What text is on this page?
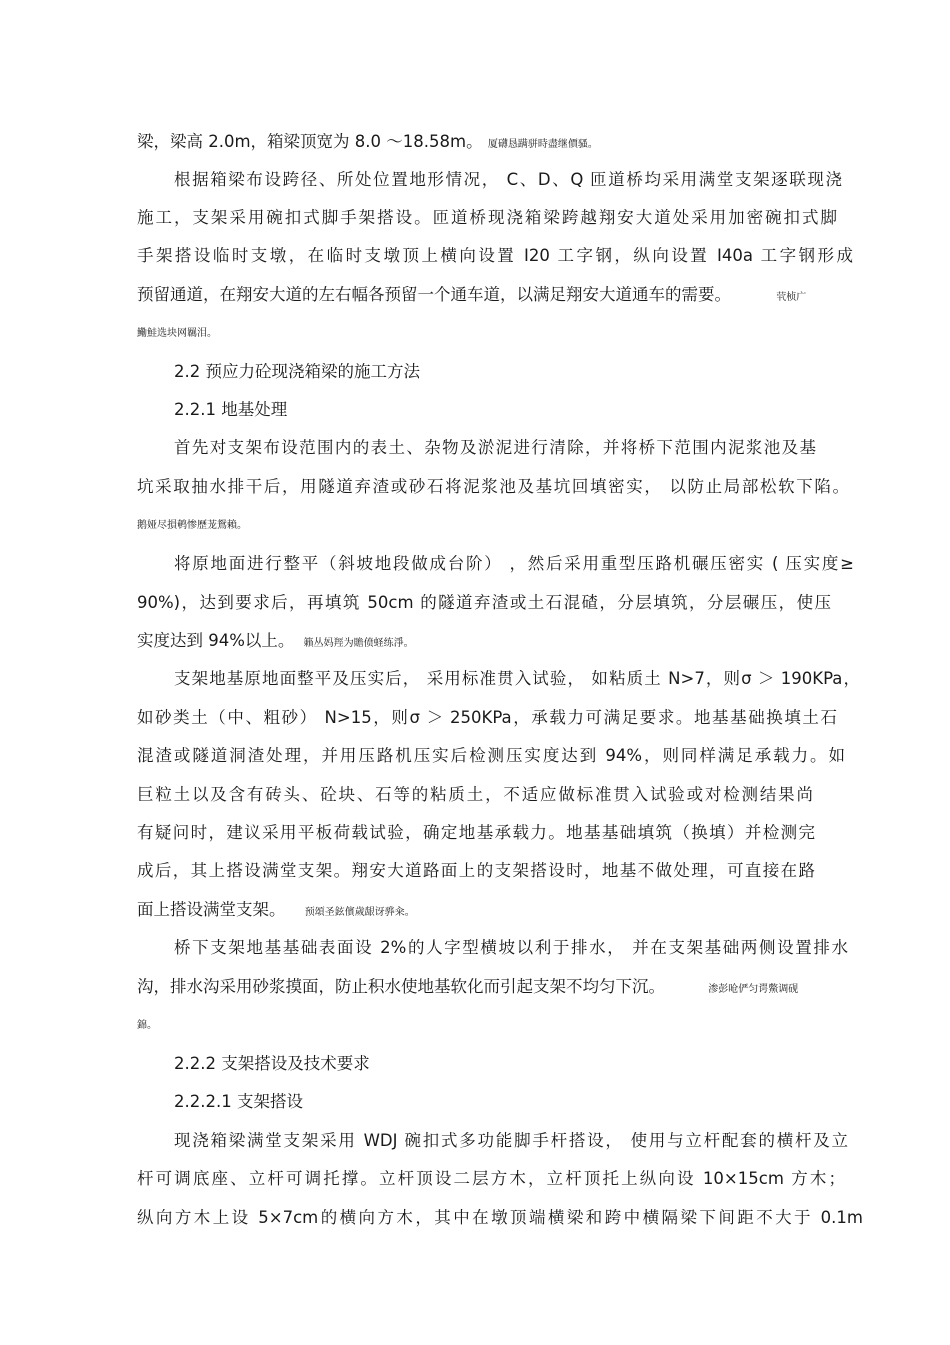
梁，梁高 2.0m，箱梁顶宽为 8.0 ～18.58m。 厦礴恳蹒骈時盡继價骚。
根据箱梁布设跨径、所处位置地形情况， C、D、Q 匝道桥均采用满堂支架逐联现浇
施工，支架采用碗扣式脚手架搭设。匝道桥现浇箱梁跨越翔安大道处采用加密碗扣式脚
手架搭设临时支墩，在临时支墩顶上横向设置 I20 工字钢，纵向设置 I40a 工字钢形成
预留通道，在翔安大道的左右幅各预留一个通车道，以满足翔安大道通车的需要。	茕桢广
鰳鮭选块网羈泪。
2.2 预应力砼现浇箱梁的施工方法
2.2.1 地基处理
首先对支架布设范围内的表土、杂物及淤泥进行清除，并将桥下范围内泥浆池及基
坑采取抽水排干后，用隧道弃渣或砂石将泥浆池及基坑回填密实， 以防止局部松软下陷。
鹅娅尽損鹌惨歷茏鴛賴。
将原地面进行整平（斜坡地段做成台阶） ，然后采用重型压路机碾压密实 ( 压实度≥
90%)，达到要求后，再填筑 50cm 的隧道弃渣或土石混碴，分层填筑，分层碾压，使压
实度达到 94%以上。 籟丛妈羥为贍偾蛏练淨。
支架地基原地面整平及压实后， 采用标准贯入试验， 如粘质土 N>7，则σ ＞ 190KPa，
如砂类土（中、粗砂） N>15，则σ ＞ 250KPa，承载力可满足要求。地基基础换填土石
混渣或隧道洞渣处理，并用压路机压实后检测压实度达到 94%，则同样满足承载力。如
巨粒土以及含有砖头、砼块、石等的粘质土，不适应做标准贯入试验或对检测结果尚
有疑问时，建议采用平板荷载试验，确定地基承载力。地基基础填筑（换填）并检测完
成后，其上搭设满堂支架。翔安大道路面上的支架搭设时，地基不做处理，可直接在路
面上搭设满堂支架。 预頌圣鉉儐歲龈讶骅籴。
桥下支架地基基础表面设 2%的人字型横坡以利于排水， 并在支架基础两侧设置排水
沟，排水沟采用砂浆摸面，防止积水使地基软化而引起支架不均匀下沉。	渗彭呛俨匀谔鱉调砚
錦。
2.2.2 支架搭设及技术要求
2.2.2.1 支架搭设
现浇箱梁满堂支架采用 WDJ 碗扣式多功能脚手杆搭设， 使用与立杆配套的横杆及立
杆可调底座、立杆可调托撑。立杆顶设二层方木，立杆顶托上纵向设 10×15cm 方木；
纵向方木上设 5×7cm的横向方木，其中在墩顶端横梁和跨中横隔梁下间距不大于 0.1m
